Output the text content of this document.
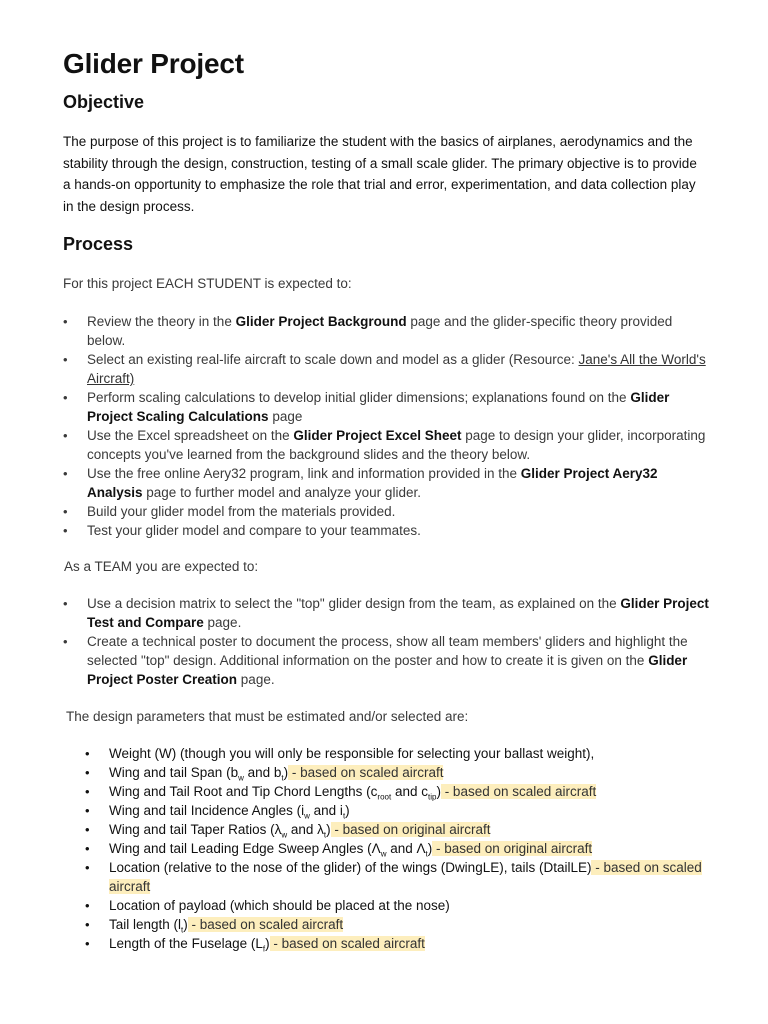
Glider Project
Objective

The purpose of this project is to familiarize the student with the basics of airplanes, aerodynamics and the stability through the design, construction, testing of a small scale glider. The primary objective is to provide a hands-on opportunity to emphasize the role that trial and error, experimentation, and data collection play in the design process.

Process

For this project EACH STUDENT is expected to:

• Review the theory in the Glider Project Background page and the glider-specific theory provided below.
• Select an existing real-life aircraft to scale down and model as a glider (Resource: Jane's All the World's Aircraft)
• Perform scaling calculations to develop initial glider dimensions; explanations found on the Glider Project Scaling Calculations page
• Use the Excel spreadsheet on the Glider Project Excel Sheet page to design your glider, incorporating concepts you've learned from the background slides and the theory below.
• Use the free online Aery32 program, link and information provided in the Glider Project Aery32 Analysis page to further model and analyze your glider.
• Build your glider model from the materials provided.
• Test your glider model and compare to your teammates.

As a TEAM you are expected to:

• Use a decision matrix to select the "top" glider design from the team, as explained on the Glider Project Test and Compare page.
• Create a technical poster to document the process, show all team members' gliders and highlight the selected "top" design. Additional information on the poster and how to create it is given on the Glider Project Poster Creation page.

The design parameters that must be estimated and/or selected are:

• Weight (W) (though you will only be responsible for selecting your ballast weight),
• Wing and tail Span ($b_w$ and $b_t$) - based on scaled aircraft
• Wing and Tail Root and Tip Chord Lengths ($c_{root}$ and $c_{tip}$) - based on scaled aircraft
• Wing and tail Incidence Angles ($i_w$ and $i_t$)
• Wing and tail Taper Ratios ($\lambda_w$ and $\lambda_t$) - based on original aircraft
• Wing and tail Leading Edge Sweep Angles ($\Lambda_w$ and $\Lambda_t$) - based on original aircraft
• Location (relative to the nose of the glider) of the wings (DwingLE), tails (DtailLE) - based on scaled aircraft
• Location of payload (which should be placed at the nose)
• Tail length $(l_t)$ - based on scaled aircraft
• Length of the Fuselage $(L_f)$ - based on scaled aircraft
